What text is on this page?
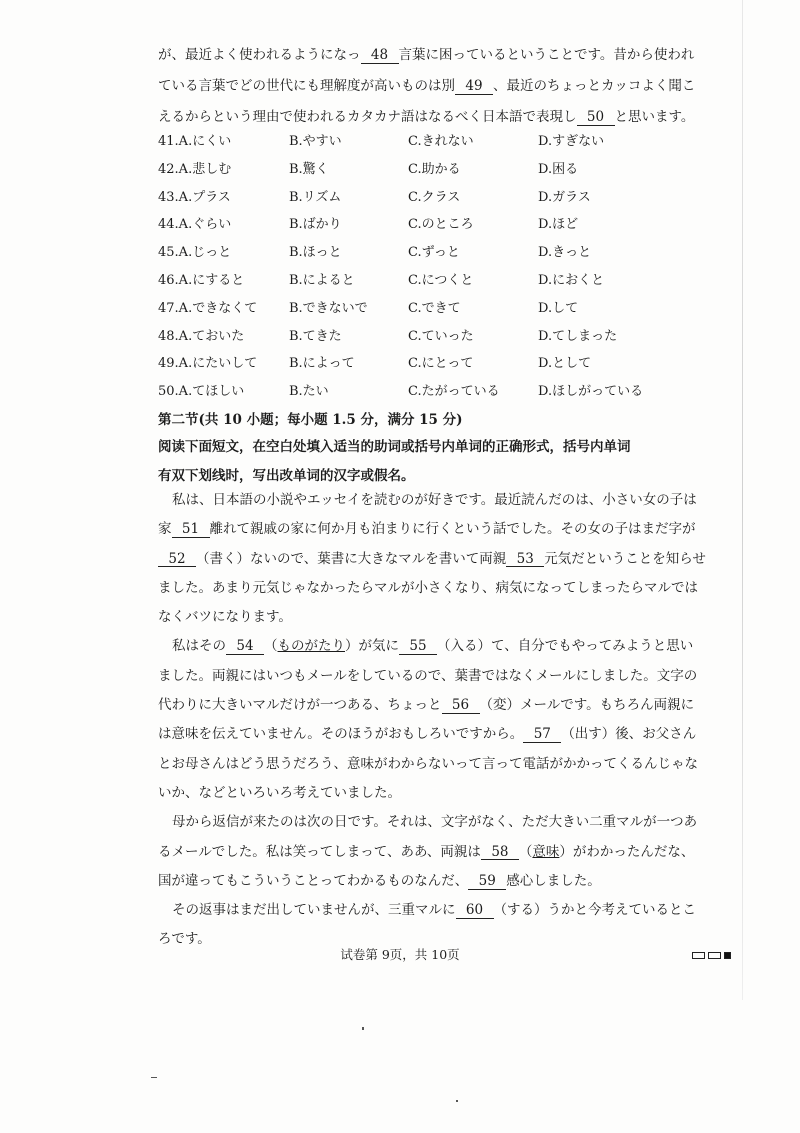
が、最近よく使われるようになっ 48 言葉に困っているということです。昔から使われ
ている言葉でどの世代にも理解度が高いものは別 49 、最近のちょっとカッコよく聞こ
えるからという理由で使われるカタカナ語はなるべく日本語で表現し 50 と思います。
41.A.にくい	B.やすい	C.きれない	D.すぎない
42.A.悲しむ	B.驚く	C.助かる	D.困る
43.A.プラス	B.リズム	C.クラス	D.ガラス
44.A.ぐらい	B.ばかり	C.のところ	D.ほど
45.A.じっと	B.ほっと	C.ずっと	D.きっと
46.A.にすると	B.によると	C.につくと	D.におくと
47.A.できなくて B.できないで	C.できて	D.して
48.A.ておいた	B.てきた	C.ていった	D.てしまった
49.A.にたいして B.によって	C.にとって	D.として
50.A.てほしい	B.たい	C.たがっている	D.ほしがっている
第二节(共 10 小题；每小题 1.5 分，满分 15 分)
阅读下面短文，在空白处填入适当的助词或括号内单词的正确形式，括号内单词
有双下划线时，写出改单词的汉字或假名。
私は、日本語の小説やエッセイを読むのが好きです。最近読んだのは、小さい女の子は
家 51 離れて親戚の家に何か月も泊まりに行くという話でした。その女の子はまだ字が
52 （書く）ないので、葉書に大きなマルを書いて両親 53 元気だということを知らせ
ました。あまり元気じゃなかったらマルが小さくなり、病気になってしまったらマルでは
なくバツになります。
私はその 54 （ものがたり）が気に 55 （入る）て、自分でもやってみようと思い
ました。両親にはいつもメールをしているので、葉書ではなくメールにしました。文字の
代わりに大きいマルだけが一つある、ちょっと 56 （変）メールです。もちろん両親に
は意味を伝えていません。そのほうがおもしろいですから。 57 （出す）後、お父さん
とお母さんはどう思うだろう、意味がわからないって言って電話がかかってくるんじゃな
いか、などといろいろ考えていました。
母から返信が来たのは次の日です。それは、文字がなく、ただ大きい二重マルが一つあ
るメールでした。私は笑ってしまって、ああ、両親は 58 （意味）がわかったんだな、
国が違ってもこういうことってわかるものなんだ、 59 感心しました。
その返事はまだ出していませんが、三重マルに 60 （する）うかと今考えているとこ
ろです。
试卷第 9页，共 10页
